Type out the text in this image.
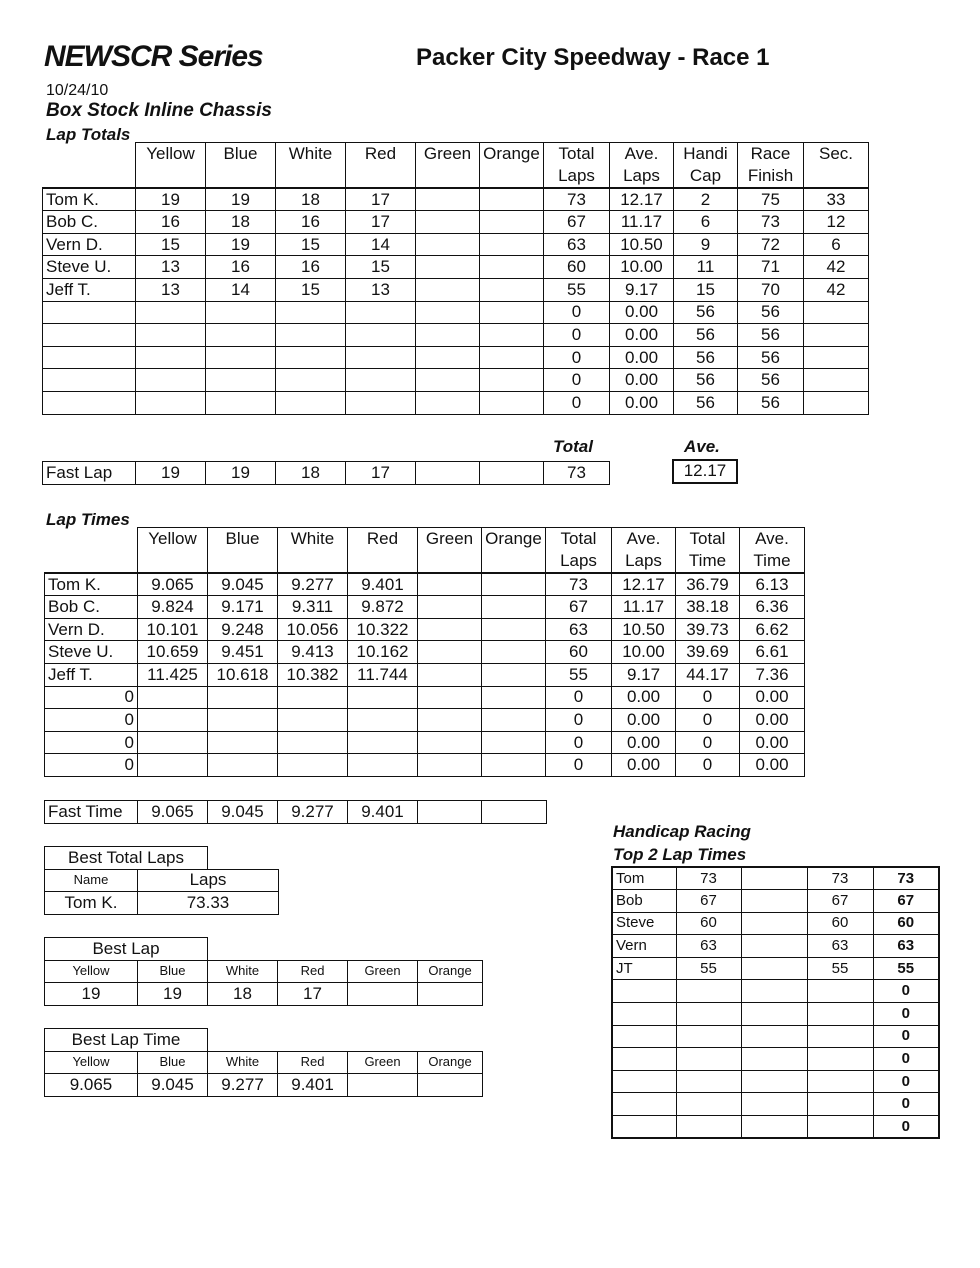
NEWSCR Series	Packer City Speedway - Race 1
10/24/10
Box Stock Inline Chassis
Lap Totals
	Yellow	Blue	White	Red	Green	Orange	Total	Ave.	Handi	Race	Sec.
							Laps	Laps	Cap	Finish	
Tom K.	19	19	18	17			73	12.17	2	75	33
Bob C.	16	18	16	17			67	11.17	6	73	12
Vern D.	15	19	15	14			63	10.50	9	72	6
Steve U.	13	16	16	15			60	10.00	11	71	42
Jeff T.	13	14	15	13			55	9.17	15	70	42
							0	0.00	56	56	
							0	0.00	56	56	
							0	0.00	56	56	
							0	0.00	56	56	
							0	0.00	56	56	
Total	Ave.
Fast Lap	19	19	18	17			73	12.17
Lap Times
	Yellow	Blue	White	Red	Green	Orange	Total	Ave.	Total	Ave.
							Laps	Laps	Time	Time
Tom K.	9.065	9.045	9.277	9.401			73	12.17	36.79	6.13
Bob C.	9.824	9.171	9.311	9.872			67	11.17	38.18	6.36
Vern D.	10.101	9.248	10.056	10.322			63	10.50	39.73	6.62
Steve U.	10.659	9.451	9.413	10.162			60	10.00	39.69	6.61
Jeff T.	11.425	10.618	10.382	11.744			55	9.17	44.17	7.36
0							0	0.00	0	0.00
0							0	0.00	0	0.00
0							0	0.00	0	0.00
0							0	0.00	0	0.00
Fast Time	9.065	9.045	9.277	9.401		
Best Total Laps		
Name	Laps	
Tom K.	73.33	
Best Lap					
Yellow	Blue	White	Red	Green	Orange
19	19	18	17		
Best Lap Time					
Yellow	Blue	White	Red	Green	Orange
9.065	9.045	9.277	9.401		
Handicap Racing
Top 2 Lap Times
Tom	73		73	73
Bob	67		67	67
Steve	60		60	60
Vern	63		63	63
JT	55		55	55
				0
				0
				0
				0
				0
				0
				0
